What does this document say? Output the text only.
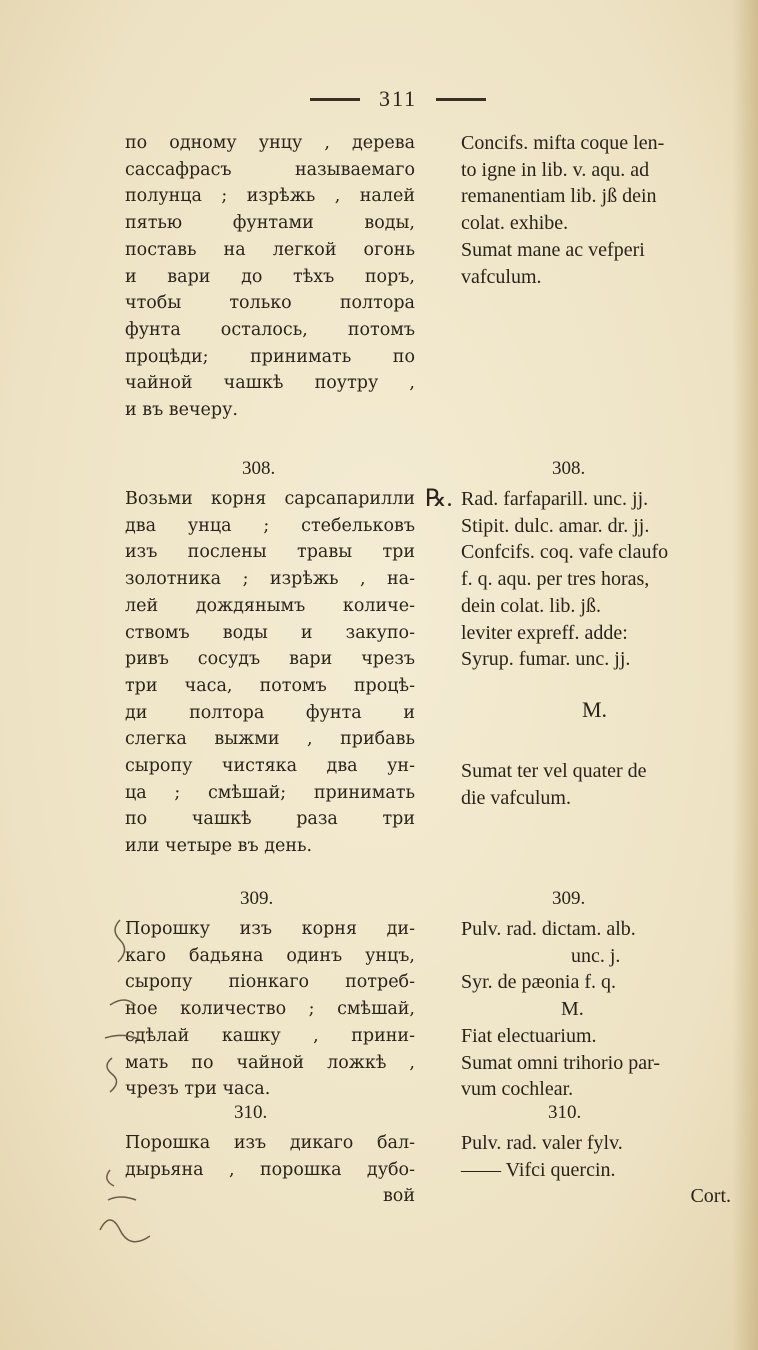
311
по одному унцу , дерева
сассафрасъ называемаго
полунца ; изрѣжь , налей
пятью фунтами воды,
поставь на легкой огонь
и вари до тѣхъ поръ,
чтобы только полтора
фунта осталось, потомъ
процѣди; принимать по
чайной чашкѣ поутру ,
и въ вечеру.
Concifs. mifta coque len-
to igne in lib. v. aqu. ad
remanentiam lib. jß dein
colat. exhibe.
Sumat mane ac vefperi
vafculum.
308.	308.
℞.
Возьми корня сарсапарилли
два унца ; стебельковъ
изъ послены травы три
золотника ; изрѣжь , на-
лей дождянымъ количе-
ствомъ воды и закупо-
ривъ сосудъ вари чрезъ
три часа, потомъ процѣ-
ди полтора фунта и
слегка выжми , прибавь
сыропу чистяка два ун-
ца ; смѣшай; принимать
по чашкѣ раза три
или четыре въ день.
Rad. farfaparill. unc. jj.
Stipit. dulc. amar. dr. jj.
Confcifs. coq. vafe claufo
f. q. aqu. per tres horas,
dein colat. lib. jß.
leviter expreff. adde:
Syrup. fumar. unc. jj.
M.
Sumat ter vel quater de
die vafculum.
309.	309.
Порошку изъ корня ди-
каго бадьяна одинъ унцъ,
сыропу піонкаго потреб-
ное количество ; смѣшай,
сдѣлай кашку , прини-
мать по чайной ложкѣ ,
чрезъ три часа.
Pulv. rad. dictam. alb.
unc. j.
Syr. de pæonia f. q.
M.
Fiat electuarium.
Sumat omni trihorio par-
vum cochlear.
310.	310.
Порошка изъ дикаго бал-
дырьяна , порошка дубо-
вой
Pulv. rad. valer fylv.
—— Vifci quercin.
Cort.
